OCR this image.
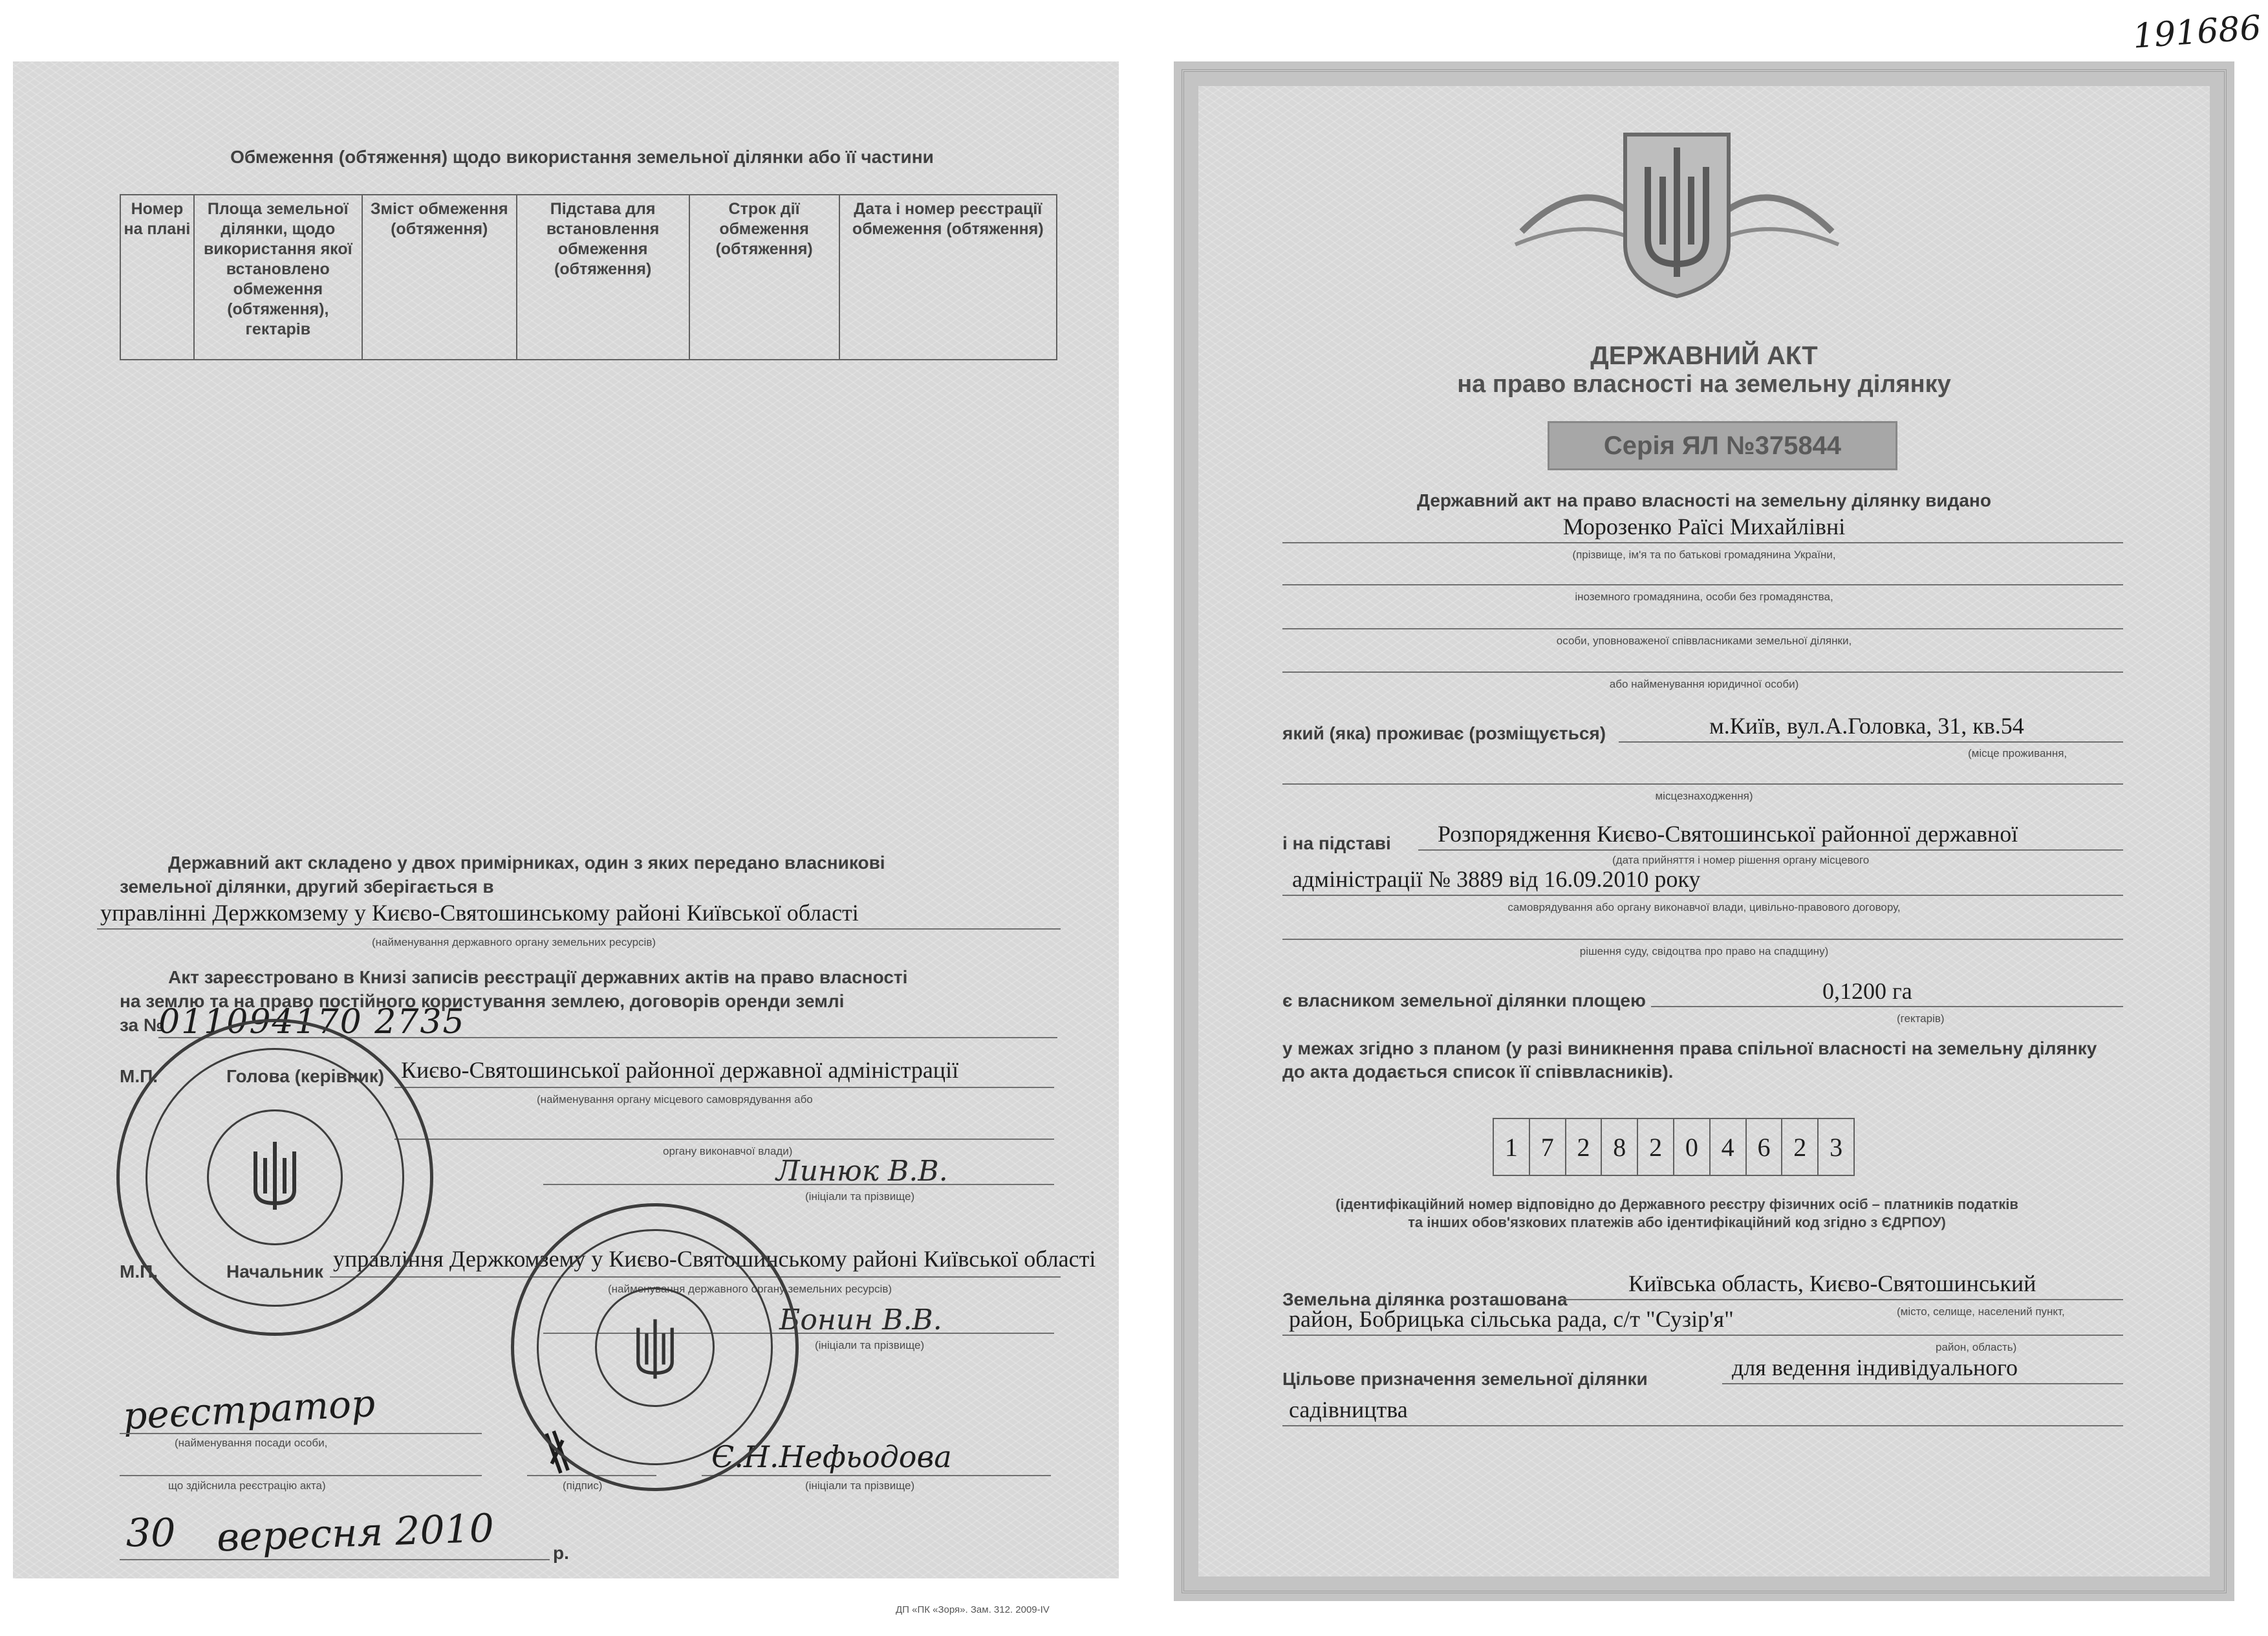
191686
Обмеження (обтяження) щодо використання земельної ділянки або її частини
Номер на плані	Площа земельної ділянки, щодо використання якої встановлено обмеження (обтяження), гектарів	Зміст обмеження (обтяження)	Підстава для встановлення обмеження (обтяження)	Строк дії обмеження (обтяження)	Дата і номер реєстрації обмеження (обтяження)
Державний акт складено у двох примірниках, один з яких передано власникові
земельної ділянки, другий зберігається в
управлінні Держкомзему у Києво-Святошинському районі Київської області
(найменування державного органу земельних ресурсів)
Акт зареєстровано в Книзі записів реєстрації державних актів на право власності
на землю та на право постійного користування землею, договорів оренди землі
за №
011094170 2735
М.П.	Голова (керівник) Києво-Святошинської районної державної адміністрації
(найменування органу місцевого самоврядування або
органу виконавчої влади)
Линюк В.В.
(ініціали та прізвище)
М.П.	Начальник управління Держкомзему у Києво-Святошинському районі Київської області
(найменування державного органу земельних ресурсів)
Бонин В.В.
(ініціали та прізвище)
реєстратор
(найменування посади особи,
що здійснила реєстрацію акта)
∦
(підпис)
Є.Н.Нефьодова
(ініціали та прізвище)
30 вересня 2010	р.
ДП «ПК «Зоря». Зам. 312. 2009-IV
ДЕРЖАВНИЙ АКТ
на право власності на земельну ділянку
Серія ЯЛ №375844
Державний акт на право власності на земельну ділянку видано
Морозенко Раїсі Михайлівні
(прізвище, ім'я та по батькові громадянина України,
іноземного громадянина, особи без громадянства,
особи, уповноваженої співвласниками земельної ділянки,
або найменування юридичної особи)
який (яка) проживає (розміщується)	м.Київ, вул.А.Головка, 31, кв.54
(місце проживання,
місцезнаходження)
і на підставі Розпорядження Києво-Святошинської районної державної
(дата прийняття і номер рішення органу місцевого
адміністрації № 3889 від 16.09.2010 року
самоврядування або органу виконавчої влади, цивільно-правового договору,
рішення суду, свідоцтва про право на спадщину)
є власником земельної ділянки площею	0,1200 га
(гектарів)
у межах згідно з планом (у разі виникнення права спільної власності на земельну ділянку до акта додається список її співвласників).
1	7	2	8	2	0	4	6	2	3
(ідентифікаційний номер відповідно до Державного реєстру фізичних осіб – платників податків та інших обов'язкових платежів або ідентифікаційний код згідно з ЄДРПОУ)
Земельна ділянка розташована
Київська область, Києво-Святошинський
(місто, селище, населений пункт,
район, Бобрицька сільська рада, с/т "Сузір'я"
район, область)
Цільове призначення земельної ділянки	для ведення індивідуального
садівництва
